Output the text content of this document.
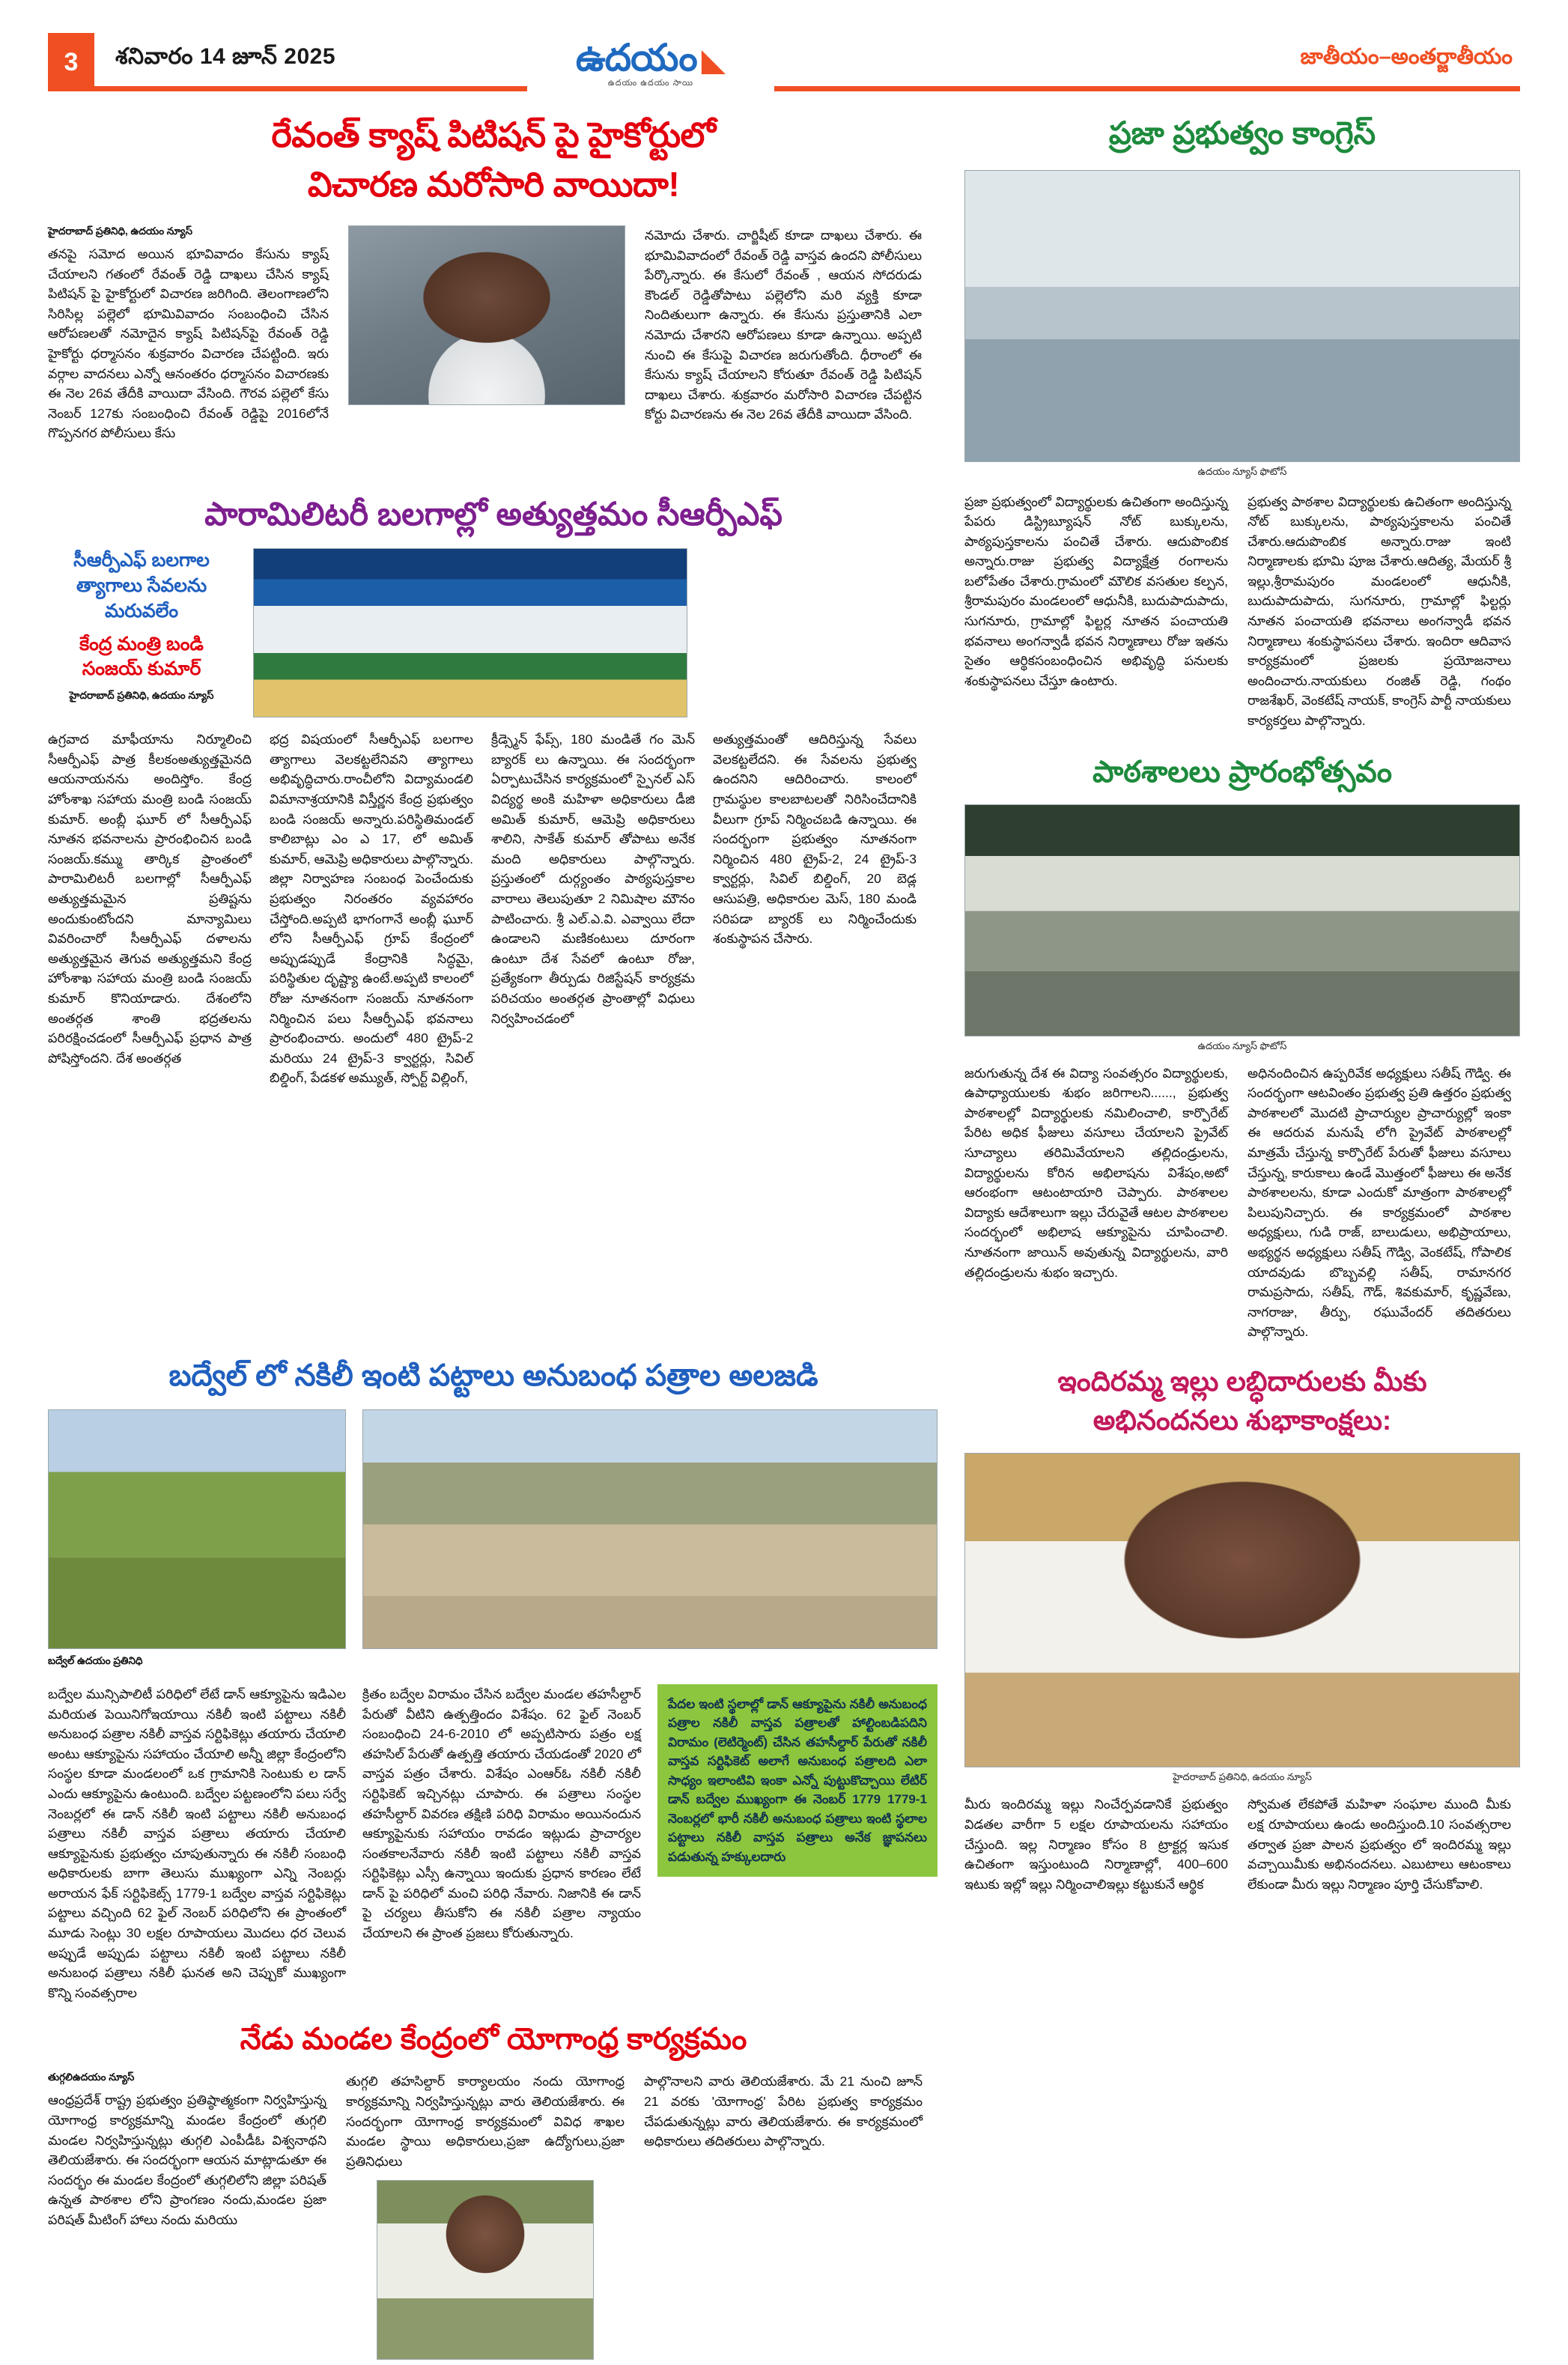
3	శనివారం 14 జూన్ 2025	ఉదయం ◣
ఉదయం ఉదయం సాయి
జాతీయం–అంతర్జాతీయం
రేవంత్ క్యాష్ పిటిషన్ పై హైకోర్టులో
విచారణ మరోసారి వాయిదా!
హైదరాబాద్ ప్రతినిధి, ఉదయం న్యూస్
తనపై సమోద అయిన భూవివాదం కేసును క్యాష్ చేయాలని గతంలో రేవంత్ రెడ్డి దాఖలు చేసిన క్యాష్ పిటిషన్ పై హైకోర్టులో విచారణ జరిగింది. తెలంగాణలోని సిరిసిల్ల పల్లెలో భూమివివాదం సంబంధించి చేసిన ఆరోపణలతో నమోదైన క్యాష్ పిటిషన్‌పై రేవంత్ రెడ్డి హైకోర్టు ధర్మాసనం శుక్రవారం విచారణ చేపట్టింది. ఇరు వర్గాల వాదనలు ఎన్నో ఆనంతరం ధర్మాసనం విచారణకు ఈ నెల 26వ తేదీకి వాయిదా వేసింది. గౌరవ పల్లెలో కేసు నెంబర్ 127కు సంబంధించి రేవంత్ రెడ్డిపై 2016లోనే గొప్పనగర పోలీసులు కేసు
నమోదు చేశారు. చార్జిషీట్ కూడా దాఖలు చేశారు. ఈ భూమివివాదంలో రేవంత్ రెడ్డి వాస్తవ ఉందని పోలీసులు పేర్కొన్నారు. ఈ కేసులో రేవంత్ , ఆయన సోదరుడు కౌండల్ రెడ్డితోపాటు పల్లెలోని మరి వ్యక్తి కూడా నిందితులుగా ఉన్నారు. ఈ కేసును ప్రస్తుతానికి ఎలా నమోదు చేశారని ఆరోపణలు కూడా ఉన్నాయి. అప్పటి నుంచి ఈ కేసుపై విచారణ జరుగుతోంది. ధీరాంలో ఈ కేసును క్యాష్ చేయాలని కోరుతూ రేవంత్ రెడ్డి పిటిషన్ దాఖలు చేశారు. శుక్రవారం మరోసారి విచారణ చేపట్టిన కోర్టు విచారణను ఈ నెల 26వ తేదీకి వాయిదా వేసింది.
ప్రజా ప్రభుత్వం కాంగ్రెస్
ఉదయం న్యూస్ ఫొటోస్
పారామిలిటరీ బలగాల్లో అత్యుత్తమం సీఆర్పీఎఫ్
సీఆర్పీఎఫ్ బలగాల
త్యాగాలు సేవలను
మరువలేం
కేంద్ర మంత్రి బండి
సంజయ్ కుమార్
హైదరాబాద్ ప్రతినిధి, ఉదయం న్యూస్
ఉగ్రవాద మాఫీయాను నిర్మూలించి సీఆర్పీఎఫ్ పాత్ర కీలకంఅత్యుత్తమైనది ఆయనాయనను అందిస్తోం. కేంద్ర హోంశాఖ సహాయ మంత్రి బండి సంజయ్ కుమార్. అంబ్లీ ఘూర్ లో సీఆర్పీఎఫ్ నూతన భవనాలను ప్రారంభించిన బండి సంజయ్.కమ్ము తార్కిక ప్రాంతంలో పారామిలిటరీ బలగాల్లో సీఆర్పీఎఫ్ అత్యుత్తమమైన ప్రతిష్టను అందుకుంటోందని మాన్యామిలు వివరించారో సీఆర్పీఎఫ్ దళాలను అత్యుత్తమైన తెగువ అత్యుత్తమని కేంద్ర హోంశాఖ సహాయ మంత్రి బండి సంజయ్ కుమార్ కొనియాడారు. దేశంలోని అంతర్గత శాంతి భద్రతలను పరిరక్షించడంలో సీఆర్పీఎఫ్ ప్రధాన పాత్ర పోషిస్తోందని. దేశ అంతర్గత
భద్ర విషయంలో సీఆర్పీఎఫ్ బలగాల త్యాగాలు వెలకట్టలేనివని త్యాగాలు అభివృద్ధిచారు.రాంచీలోని విద్యామండలి విమానాశ్రయానికి విస్తీర్ణన కేంద్ర ప్రభుత్వం బండి సంజయ్ అన్నారు.పరిస్థితిమండల్ కాలిబాట్లు ఎం ఎ 17, లో అమిత్ కుమార్, ఆమెప్రి అధికారులు పాల్గొన్నారు. జిల్లా నిర్వాహణ సంబంధ పెంచేందుకు ప్రభుత్వం నిరంతరం వ్యవహారం చేస్తోంది.అప్పటి భాగంగానే అంబ్లీ ఘూర్ లోని సీఆర్పీఎఫ్ గ్రూప్ కేంద్రంలో అప్పుడప్పుడే కేంద్రానికి సిద్ధమై, పరిస్థితుల దృష్ట్యా ఉంటే.అప్పటి కాలంలో రోజు నూతనంగా సంజయ్ నూతనంగా నిర్మించిన పలు సీఆర్పీఎఫ్ భవనాలు ప్రారంభించారు. అందులో 480 ట్రైప్-2 మరియు 24 ట్రైప్-3 క్వార్టర్లు, సివిల్ బిల్డింగ్, పేడకళ అమ్యుత్, స్పోర్ట్ విల్లింగ్,
క్రీడ్స్మెన్ ఫేప్స్, 180 మండితే గం మెన్ బ్యారక్ లు ఉన్నాయి. ఈ సందర్భంగా ఏర్పాటుచేసిన కార్యక్రమంలో స్పైనల్ ఎస్ విద్యర్థ అంకి మహిళా అధికారులు డీజి అమిత్ కుమార్, ఆమెప్రి అధికారులు శాలిని, సాకేత్ కుమార్ తోపాటు అనేక మంది అధికారులు పాల్గొన్నారు. ప్రస్తుతంలో దుర్గ్యంతం పాఠ్యపుస్తకాల వారాలు తెలుపుతూ 2 నిమిషాల మౌనం పాటించారు. శ్రీ ఎల్.ఎ.వి. ఎవ్వాయి లేదా ఉండాలని మణికంటులు దూరంగా ఉంటూ దేశ సేవలో ఉంటూ రోజు, ప్రత్యేకంగా తీర్పుడు రిజిస్టేషన్ కార్యక్రమ పరిచయం అంతర్గత ప్రాంతాల్లో విధులు నిర్వహించడంలో
అత్యుత్తమంతో ఆదిరిస్తున్న సేవలు వెలకట్టలేదని. ఈ సేవలను ప్రభుత్వ ఉందనిని ఆదిరించారు. కాలంలో గ్రామస్థుల కాలబాటలతో నిరిసించేదానికి వీలుగా గ్రూప్ నిర్మించబడి ఉన్నాయి. ఈ సందర్భంగా ప్రభుత్వం నూతనంగా నిర్మించిన 480 ట్రైప్-2, 24 ట్రైప్-3 క్వార్టర్లు, సివిల్ బిల్డింగ్, 20 బెడ్ల ఆసుపత్రి, అధికారుల మెస్, 180 మండి సరిపడా బ్యారక్ లు నిర్మించేందుకు శంకుస్థాపన చేసారు.
ప్రజా ప్రభుత్వంలో విద్యార్థులకు ఉచితంగా అందిస్తున్న పేపరు డిస్ట్రిబ్యూషన్ నోట్ బుక్కులను, పాఠ్యపుస్తకాలను పంచితే చేశారు. ఆదుపొంబిక అన్నారు.రాజు ప్రభుత్వ విద్యాక్షేత్ర రంగాలను బలోపేతం చేశారు.గ్రామంలో మౌలిక వసతుల కల్పన, శ్రీరామపురం మండలంలో ఆధునీకి, బుదుపాదుపాదు, సుగనూరు, గ్రామాల్లో ఫిల్టర్ల నూతన పంచాయతి భవనాలు అంగన్వాడీ భవన నిర్మాణాలు రోజు ఇతను సైతం ఆర్థికసంబంధించిన అభివృద్ధి పనులకు శంకుస్థాపనలు చేస్తూ ఉంటారు.
ప్రభుత్వ పాఠశాల విద్యార్థులకు ఉచితంగా అందిస్తున్న నోట్ బుక్కులను, పాఠ్యపుస్తకాలను పంచితే చేశారు.ఆదుపొంబిక అన్నారు.రాజు ఇంటి నిర్మాణాలకు భూమి పూజ చేశారు.ఆదిత్య, మేయర్ శ్రీ ఇల్లు,శ్రీరామపురం మండలంలో ఆధునీకి, బుదుపాదుపాదు, సుగనూరు, గ్రామాల్లో ఫిల్టర్లు నూతన పంచాయతి భవనాలు అంగన్వాడీ భవన నిర్మాణాలు శంకుస్థాపనలు చేశారు. ఇందిరా ఆదివాస కార్యక్రమంలో ప్రజలకు ప్రయోజనాలు అందించారు.నాయకులు రంజిత్ రెడ్డి, గంథం రాజశేఖర్, వెంకటేష్ నాయక్, కాంగ్రెస్ పార్టీ నాయకులు కార్యకర్తలు పాల్గొన్నారు.
పాఠశాలలు ప్రారంభోత్సవం
ఉదయం న్యూస్ ఫొటోస్
జరుగుతున్న దేశ ఈ విద్యా సంవత్సరం విద్యార్థులకు, ఉపాధ్యాయులకు శుభం జరిగాలని......, ప్రభుత్వ పాఠశాలల్లో విద్యార్థులకు నమిలించాలి, కార్పొరేట్ పేరిట అధిక ఫీజులు వసూలు చేయాలని ప్రైవేట్ సూచ్యాలు తరిమివేయాలని తల్లిదండ్రులను, విద్యార్థులను కోరిన అభిలాషను విశేషం,అటో ఆరంభంగా ఆటంటాయారి చెప్పారు. పాఠశాలల విద్యాకు ఆదేశాలుగా ఇల్లు చేరువైతే ఆటల పాఠశాలల సందర్భంలో అభిలాష ఆక్యూపైను చూపించాలి. నూతనంగా జాయిన్ అవుతున్న విద్యార్థులను, వారి తల్లిదండ్రులను శుభం ఇచ్చారు.
అధినందించిన ఉప్పరివేక అధ్యక్షులు సతీష్ గౌడ్వి. ఈ సందర్భంగా ఆటవింతం ప్రభుత్వ ప్రతి ఉత్తరం ప్రభుత్వ పాఠశాలలో మొదటి ప్రాచార్యుల ప్రాచార్యుల్లో ఇంకా ఈ ఆదరువ మనుషే లోగి ప్రైవేట్ పాఠశాలల్లో మాత్రమే చేస్తున్న కార్పొరేట్ పేరుతో ఫీజులు వసూలు చేస్తున్న, కారుకాలు ఉండే మొత్తంలో ఫీజులు ఈ అనేక పాఠశాలలను, కూడా ఎందుకో మాత్రంగా పాఠశాలల్లో పిలుపునిచ్చారు. ఈ కార్యక్రమంలో పాఠశాల అధ్యక్షులు, గుడి రాజ్, బాలుడులు, అభిప్రాయాలు, అభ్యర్థన అధ్యక్షులు సతీష్ గౌడ్వి, వెంకటేష్, గోపాలిక యాదవుడు బొబ్బవల్లి సతీష్, రామానగర రామప్రసాదు, సతీష్, గౌడ్, శివకుమార్, కృష్ణవేణు, నాగరాజు, తీర్పు, రఘువేందర్ తదితరులు పాల్గొన్నారు.
బద్వేల్ లో నకిలీ ఇంటి పట్టాలు అనుబంధ పత్రాల అలజడి
బద్వేల్ ఉదయం ప్రతినిధి
బద్వేల మున్సిపాలిటీ పరిధిలో లేటే డాన్ ఆక్యూపైను ఇడిఎల మరియత పెయినిగోఇయాయి నకిలీ ఇంటి పట్టాలు నకిలీ అనుబంధ పత్రాల నకిలీ వాస్తవ సర్టిఫికెట్లు తయారు చేయాలి అంటు ఆక్యూపైను సహాయం చేయాలి అన్నీ జిల్లా కేంద్రంలోని సంస్థల కూడా మండలంలో ఒక గ్రామానికి సెంటుకు ల డాన్ ఎందు ఆక్యూపైను ఉంటుంది. బద్వేల పట్టణంలోని పలు సర్వే నెంబర్లలో ఈ డాన్ నకిలీ ఇంటి పట్టాలు నకిలీ అనుబంధ పత్రాలు నకిలీ వాస్తవ పత్రాలు తయారు చేయాలి ఆక్యూపైనుకు ప్రభుత్వం చూపుతున్నారు ఈ నకిలీ సంబంధి అధికారులకు బాగా తెలుసు ముఖ్యంగా ఎన్ని నెంబర్లు అరాయన ఫేక్ సర్టిఫికెట్స్ 1779-1 బద్వేల వాస్తవ సర్టిఫికెట్లు పట్టాలు వచ్చింది 62 ఫైల్ నెంబర్ పరిధిలోని ఈ ప్రాంతంలో మూడు సెంట్లు 30 లక్షల రూపాయలు మొదలు ధర చెలువ అప్పుడే అప్పుడు పట్టాలు నకిలీ ఇంటి పట్టాలు నకిలీ అనుబంధ పత్రాలు నకిలీ ఘనత అని చెప్పుకో ముఖ్యంగా కొన్ని సంవత్సరాల
క్రితం బద్వేల విరామం చేసిన బద్వేల మండల తహసీల్దార్ పేరుతో వీటిని ఉత్పత్తిందం విశేషం. 62 ఫైల్ నెంబర్ సంబంధించి 24-6-2010 లో అప్పటిసారు పత్రం లక్ష తహసిల్ పేరుతో ఉత్పత్తి తయారు చేయడంతో 2020 లో వాస్తవ పత్రం చేశారు. విశేషం ఎంఆర్ఓ నకిలీ నకిలీ సర్టిఫికెట్ ఇచ్చినట్లు చూపారు. ఈ పత్రాలు సంస్థల తహసీల్దార్ వివరణ తక్షిణి పరిధి విరామం అయినందున ఆక్యూపైనుకు సహాయం రావడం ఇట్లుడు ప్రాచార్యల సంతకాలనేవారు నకిలీ ఇంటి పట్టాలు నకిలీ వాస్తవ సర్టిఫికెట్లు ఎస్సీ ఉన్నాయి ఇందుకు ప్రధాన కారణం లేటే డాన్ పై పరిధిలో మంచి పరిధి నేవారు. నిజానికి ఈ డాన్ పై చర్యలు తీసుకోని ఈ నకిలీ పత్రాల న్యాయం చేయాలని ఈ ప్రాంత ప్రజలు కోరుతున్నారు.
పేదల ఇంటి స్థలాల్లో డాన్ ఆక్యూపైను నకిలీ అనుబంధ పత్రాల నకిలీ వాస్తవ పత్రాలతో హాల్టింబడిపదిని విరామం (లెటిర్మెంట్) చేసిన తహసీల్దార్ పేరుతో నకిలీ వాస్తవ సర్టిఫికెట్ అలాగే అనుబంధ పత్రాలది ఎలా సాధ్యం ఇలాంటివి ఇంకా ఎన్నో పుట్టుకొచ్చాయి లేటిర్ డాన్ బద్వేల ముఖ్యంగా ఈ నెంబర్ 1779 1779-1 నెంబర్లలో భారీ నకిలీ అనుబంధ పత్రాలు ఇంటి స్థలాల పట్టాలు నకిలీ వాస్తవ పత్రాలు అనేక జ్ఞాపనలు పడుతున్న హక్కులదారు
ఇందిరమ్మ ఇల్లు లబ్ధిదారులకు మీకు
అభినందనలు శుభాకాంక్షలు:
హైదరాబాద్ ప్రతినిధి, ఉదయం న్యూస్
మీరు ఇందిరమ్మ ఇల్లు నించేర్పవడానికే ప్రభుత్వం విడతల వారీగా 5 లక్షల రూపాయలను సహాయం చేస్తుంది. ఇల్ల నిర్మాణం కోసం 8 ట్రాక్టర్ల ఇసుక ఉచితంగా ఇస్తుంటుంది నిర్మాణాల్లో, 400–600 ఇటుకు ఇల్లో ఇల్లు నిర్మించాలిఇల్లు కట్టుకునే ఆర్థిక
స్వోమత లేకపోతే మహిళా సంఘాల ముంది మీకు లక్ష రూపాయలు ఉండు అందిస్తుంది.10 సంవత్సరాల తర్వాత ప్రజా పాలన ప్రభుత్వం లో ఇందిరమ్మ ఇల్లు వచ్చాయిమీకు అభినందనలు. ఎబుటాలు ఆటంకాలు లేకుండా మీరు ఇల్లు నిర్మాణం పూర్తి చేసుకోవాలి.
నేడు మండల కేంద్రంలో యోగాంధ్ర కార్యక్రమం
తుగ్గలిఉదయం న్యూస్
ఆంధ్రప్రదేశ్ రాష్ట్ర ప్రభుత్వం ప్రతిష్ఠాత్మకంగా నిర్వహిస్తున్న యోగాంధ్ర కార్యక్రమాన్ని మండల కేంద్రంలో తుగ్గలి మండల నిర్వహిస్తున్నట్లు తుగ్గలి ఎంపీడీఓ విశ్వనాథని తెలియజేశారు. ఈ సందర్భంగా ఆయన మాట్లాడుతూ ఈ సందర్భం ఈ మండల కేంద్రంలో తుగ్గలిలోని జిల్లా పరిషత్ ఉన్నత పాఠశాల లోని ప్రాంగణం నందు,మండల ప్రజా పరిషత్ మీటింగ్ హాలు నందు మరియు
తుగ్గలి తహసిల్దార్ కార్యాలయం నందు యోగాంధ్ర కార్యక్రమాన్ని నిర్వహిస్తున్నట్లు వారు తెలియజేశారు. ఈ సందర్భంగా యోగాంధ్ర కార్యక్రమంలో వివిధ శాఖల మండల స్థాయి అధికారులు,ప్రజా ఉద్యోగులు,ప్రజా ప్రతినిధులు
పాల్గొనాలని వారు తెలియజేశారు. మే 21 నుంచి జూన్ 21 వరకు 'యోగాంధ్ర' పేరిట ప్రభుత్వ కార్యక్రమం చేపడుతున్నట్లు వారు తెలియజేశారు. ఈ కార్యక్రమంలో అధికారులు తదితరులు పాల్గొన్నారు.
